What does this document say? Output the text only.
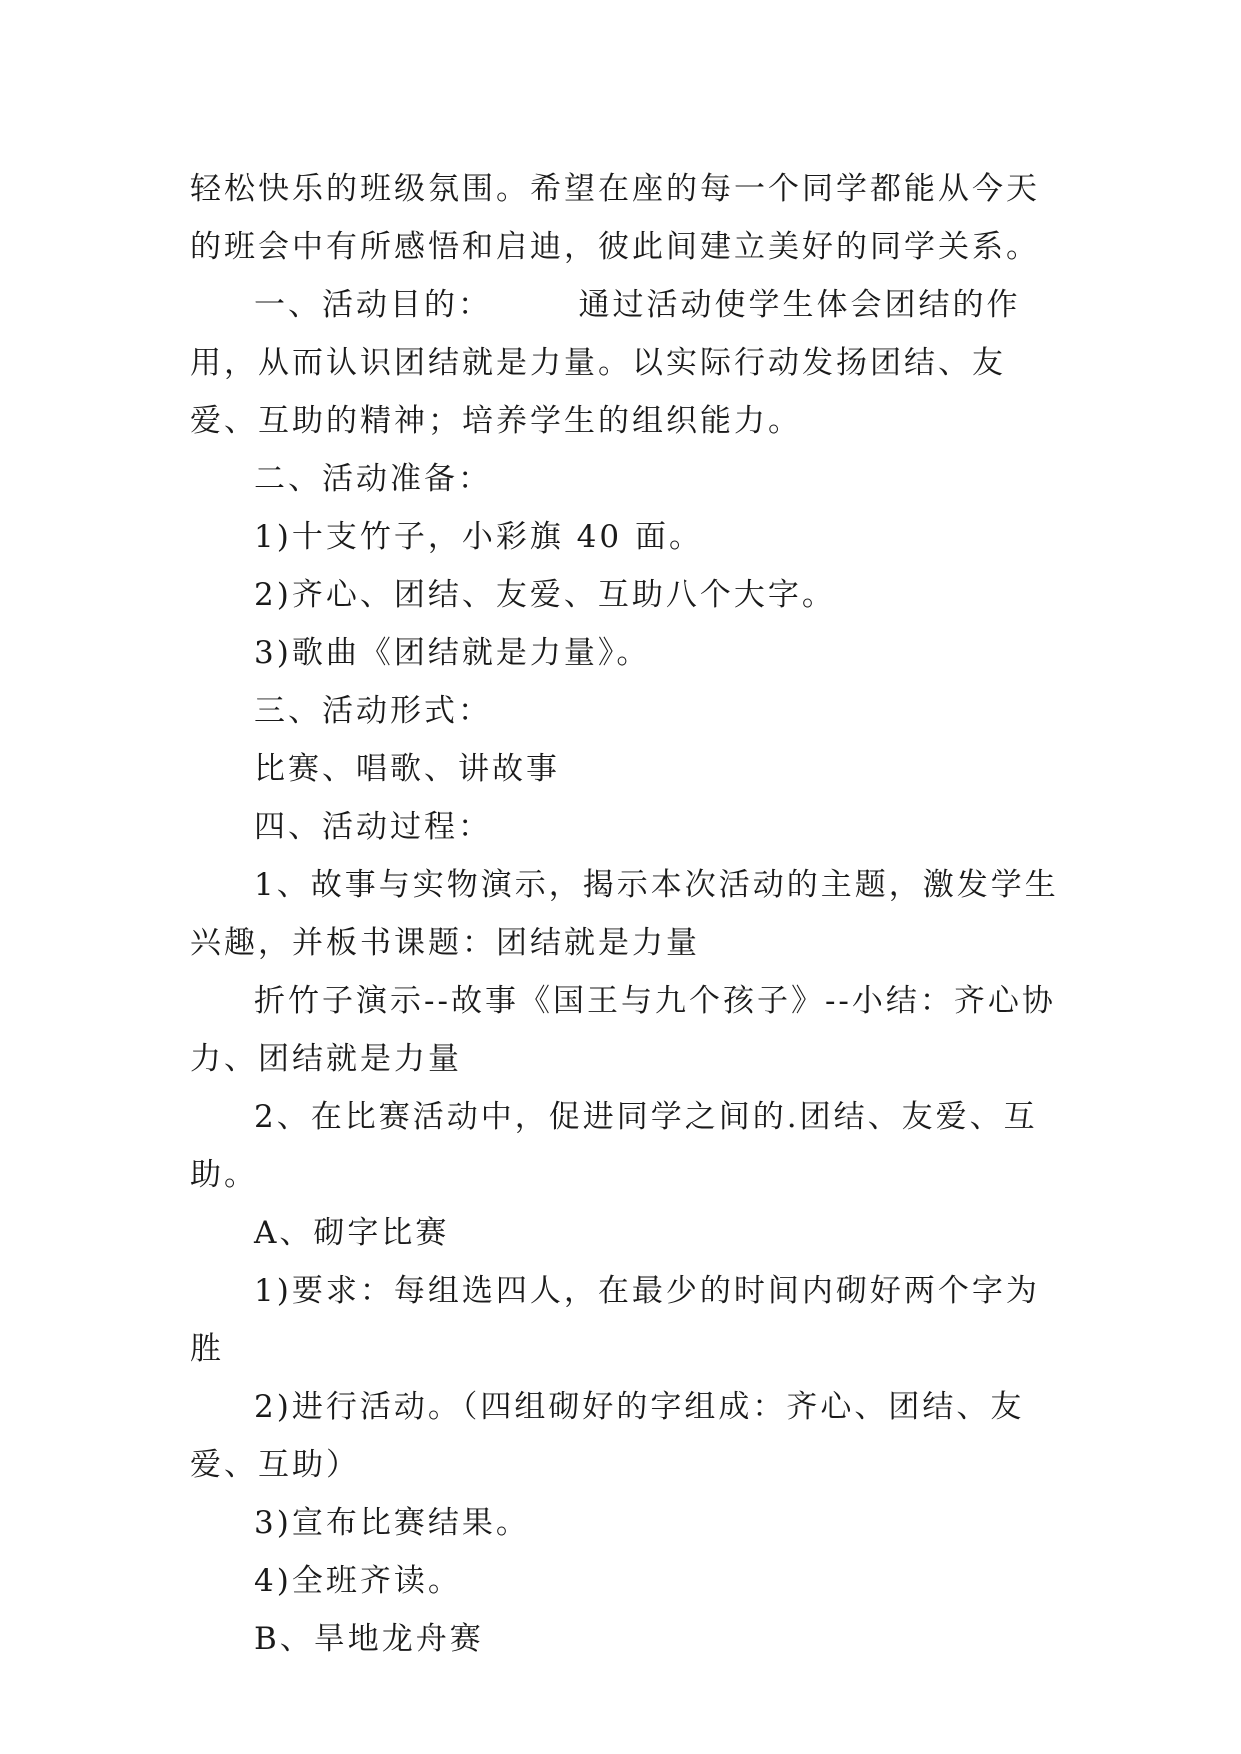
轻松快乐的班级氛围。希望在座的每一个同学都能从今天的班会中有所感悟和启迪，彼此间建立美好的同学关系。

一、活动目的：　　　通过活动使学生体会团结的作用，从而认识团结就是力量。以实际行动发扬团结、友爱、互助的精神；培养学生的组织能力。

二、活动准备：

1)十支竹子，小彩旗 40 面。

2)齐心、团结、友爱、互助八个大字。

3)歌曲《团结就是力量》。

三、活动形式：

比赛、唱歌、讲故事

四、活动过程：

1、故事与实物演示，揭示本次活动的主题，激发学生兴趣，并板书课题：团结就是力量

折竹子演示--故事《国王与九个孩子》--小结：齐心协力、团结就是力量

2、在比赛活动中，促进同学之间的.团结、友爱、互助。

A、砌字比赛

1)要求：每组选四人，在最少的时间内砌好两个字为胜

2)进行活动。（四组砌好的字组成：齐心、团结、友爱、互助）

3)宣布比赛结果。

4)全班齐读。

B、旱地龙舟赛
